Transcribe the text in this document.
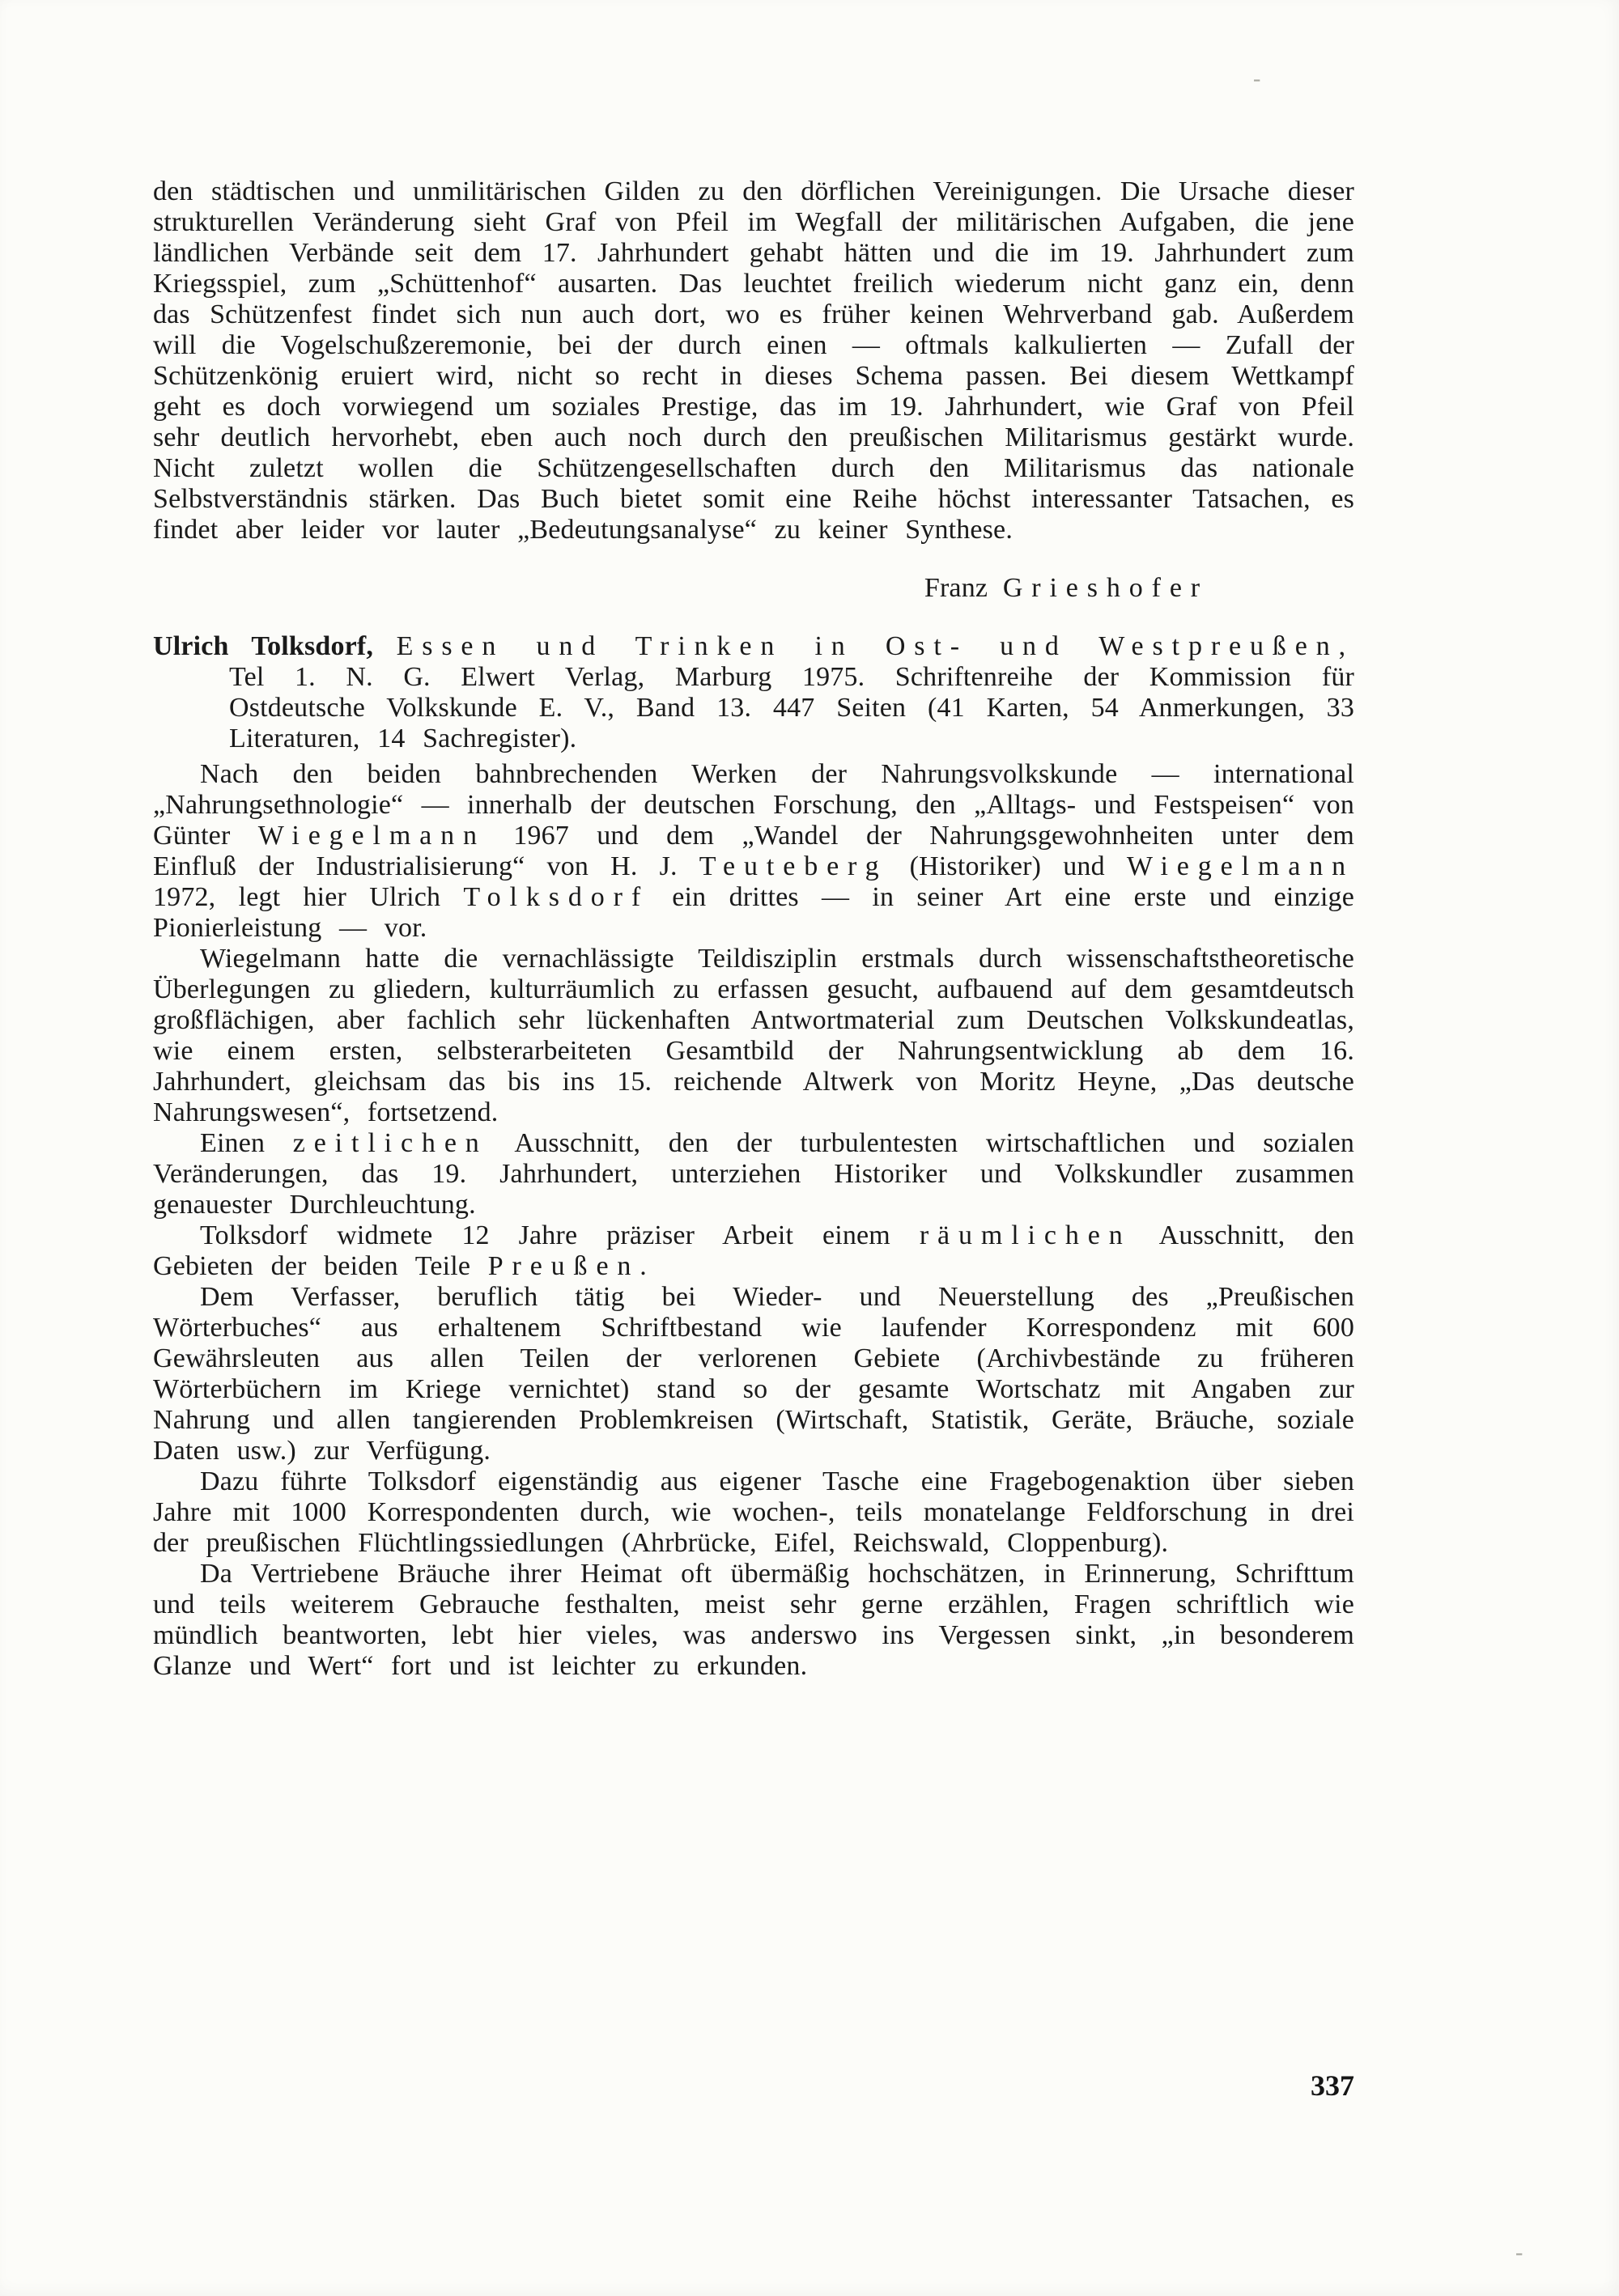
-

den städtischen und unmilitärischen Gilden zu den dörflichen Vereinigungen. Die Ursache dieser strukturellen Veränderung sieht Graf von Pfeil im Wegfall der militärischen Aufgaben, die jene ländlichen Verbände seit dem 17. Jahrhundert gehabt hätten und die im 19. Jahrhundert zum Kriegsspiel, zum „Schüttenhof“ ausarten. Das leuchtet freilich wiederum nicht ganz ein, denn das Schützenfest findet sich nun auch dort, wo es früher keinen Wehrverband gab. Außerdem will die Vogelschußzeremonie, bei der durch einen — oftmals kalkulierten — Zufall der Schützenkönig eruiert wird, nicht so recht in dieses Schema passen. Bei diesem Wettkampf geht es doch vorwiegend um soziales Prestige, das im 19. Jahrhundert, wie Graf von Pfeil sehr deutlich hervorhebt, eben auch noch durch den preußischen Militarismus gestärkt wurde. Nicht zuletzt wollen die Schützengesellschaften durch den Militarismus das nationale Selbstverständnis stärken. Das Buch bietet somit eine Reihe höchst interessanter Tatsachen, es findet aber leider vor lauter „Bedeutungsanalyse“ zu keiner Synthese.

Franz Grieshofer

Ulrich Tolksdorf, Essen und Trinken in Ost- und Westpreußen, Tel 1. N. G. Elwert Verlag, Marburg 1975. Schriftenreihe der Kommission für Ostdeutsche Volkskunde E. V., Band 13. 447 Seiten (41 Karten, 54 Anmerkungen, 33 Literaturen, 14 Sachregister).

Nach den beiden bahnbrechenden Werken der Nahrungsvolkskunde — international „Nahrungsethnologie“ — innerhalb der deutschen Forschung, den „Alltags- und Festspeisen“ von Günter Wiegelmann 1967 und dem „Wandel der Nahrungsgewohnheiten unter dem Einfluß der Industrialisierung“ von H. J. Teuteberg (Historiker) und Wiegelmann 1972, legt hier Ulrich Tolksdorf ein drittes — in seiner Art eine erste und einzige Pionierleistung — vor.

Wiegelmann hatte die vernachlässigte Teildisziplin erstmals durch wissenschaftstheoretische Überlegungen zu gliedern, kulturräumlich zu erfassen gesucht, aufbauend auf dem gesamtdeutsch großflächigen, aber fachlich sehr lückenhaften Antwortmaterial zum Deutschen Volkskundeatlas, wie einem ersten, selbsterarbeiteten Gesamtbild der Nahrungsentwicklung ab dem 16. Jahrhundert, gleichsam das bis ins 15. reichende Altwerk von Moritz Heyne, „Das deutsche Nahrungswesen“, fortsetzend.

Einen zeitlichen Ausschnitt, den der turbulentesten wirtschaftlichen und sozialen Veränderungen, das 19. Jahrhundert, unterziehen Historiker und Volkskundler zusammen genauester Durchleuchtung.

Tolksdorf widmete 12 Jahre präziser Arbeit einem räumlichen Ausschnitt, den Gebieten der beiden Teile Preußen.

Dem Verfasser, beruflich tätig bei Wieder- und Neuerstellung des „Preußischen Wörterbuches“ aus erhaltenem Schriftbestand wie laufender Korrespondenz mit 600 Gewährsleuten aus allen Teilen der verlorenen Gebiete (Archivbestände zu früheren Wörterbüchern im Kriege vernichtet) stand so der gesamte Wortschatz mit Angaben zur Nahrung und allen tangierenden Problemkreisen (Wirtschaft, Statistik, Geräte, Bräuche, soziale Daten usw.) zur Verfügung.

Dazu führte Tolksdorf eigenständig aus eigener Tasche eine Fragebogenaktion über sieben Jahre mit 1000 Korrespondenten durch, wie wochen-, teils monatelange Feldforschung in drei der preußischen Flüchtlingssiedlungen (Ahrbrücke, Eifel, Reichswald, Cloppenburg).

Da Vertriebene Bräuche ihrer Heimat oft übermäßig hochschätzen, in Erinnerung, Schrifttum und teils weiterem Gebrauche festhalten, meist sehr gerne erzählen, Fragen schriftlich wie mündlich beantworten, lebt hier vieles, was anderswo ins Vergessen sinkt, „in besonderem Glanze und Wert“ fort und ist leichter zu erkunden.

337
-
